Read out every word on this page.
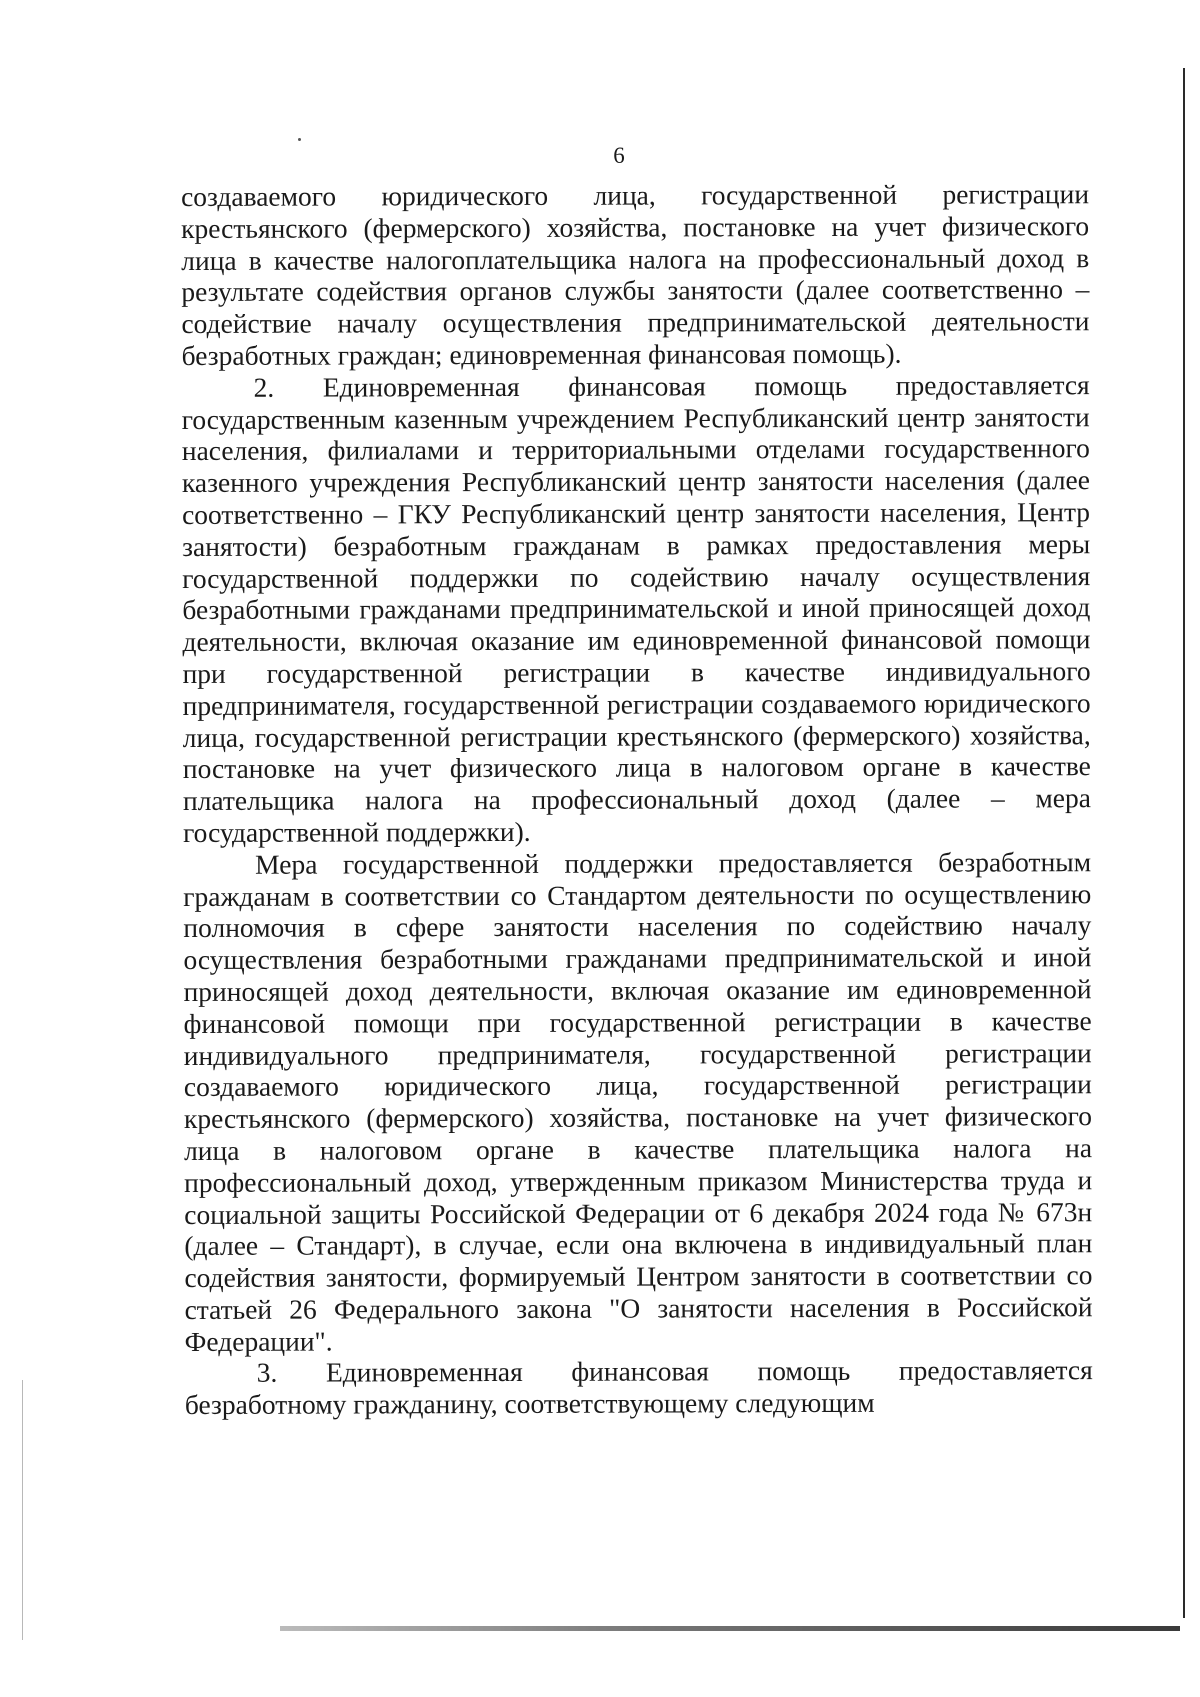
6

создаваемого юридического лица, государственной регистрации крестьянского (фермерского) хозяйства, постановке на учет физического лица в качестве налогоплательщика налога на профессиональный доход в результате содействия органов службы занятости (далее соответственно – содействие началу осуществления предпринимательской деятельности безработных граждан; единовременная финансовая помощь).

2. Единовременная финансовая помощь предоставляется государственным казенным учреждением Республиканский центр занятости населения, филиалами и территориальными отделами государственного казенного учреждения Республиканский центр занятости населения (далее соответственно – ГКУ Республиканский центр занятости населения, Центр занятости) безработным гражданам в рамках предоставления меры государственной поддержки по содействию началу осуществления безработными гражданами предпринимательской и иной приносящей доход деятельности, включая оказание им единовременной финансовой помощи при государственной регистрации в качестве индивидуального предпринимателя, государственной регистрации создаваемого юридического лица, государственной регистрации крестьянского (фермерского) хозяйства, постановке на учет физического лица в налоговом органе в качестве плательщика налога на профессиональный доход (далее – мера государственной поддержки).

Мера государственной поддержки предоставляется безработным гражданам в соответствии со Стандартом деятельности по осуществлению полномочия в сфере занятости населения по содействию началу осуществления безработными гражданами предпринимательской и иной приносящей доход деятельности, включая оказание им единовременной финансовой помощи при государственной регистрации в качестве индивидуального предпринимателя, государственной регистрации создаваемого юридического лица, государственной регистрации крестьянского (фермерского) хозяйства, постановке на учет физического лица в налоговом органе в качестве плательщика налога на профессиональный доход, утвержденным приказом Министерства труда и социальной защиты Российской Федерации от 6 декабря 2024 года № 673н (далее – Стандарт), в случае, если она включена в индивидуальный план содействия занятости, формируемый Центром занятости в соответствии со статьей 26 Федерального закона "О занятости населения в Российской Федерации".

3. Единовременная финансовая помощь предоставляется безработному гражданину, соответствующему следующим
